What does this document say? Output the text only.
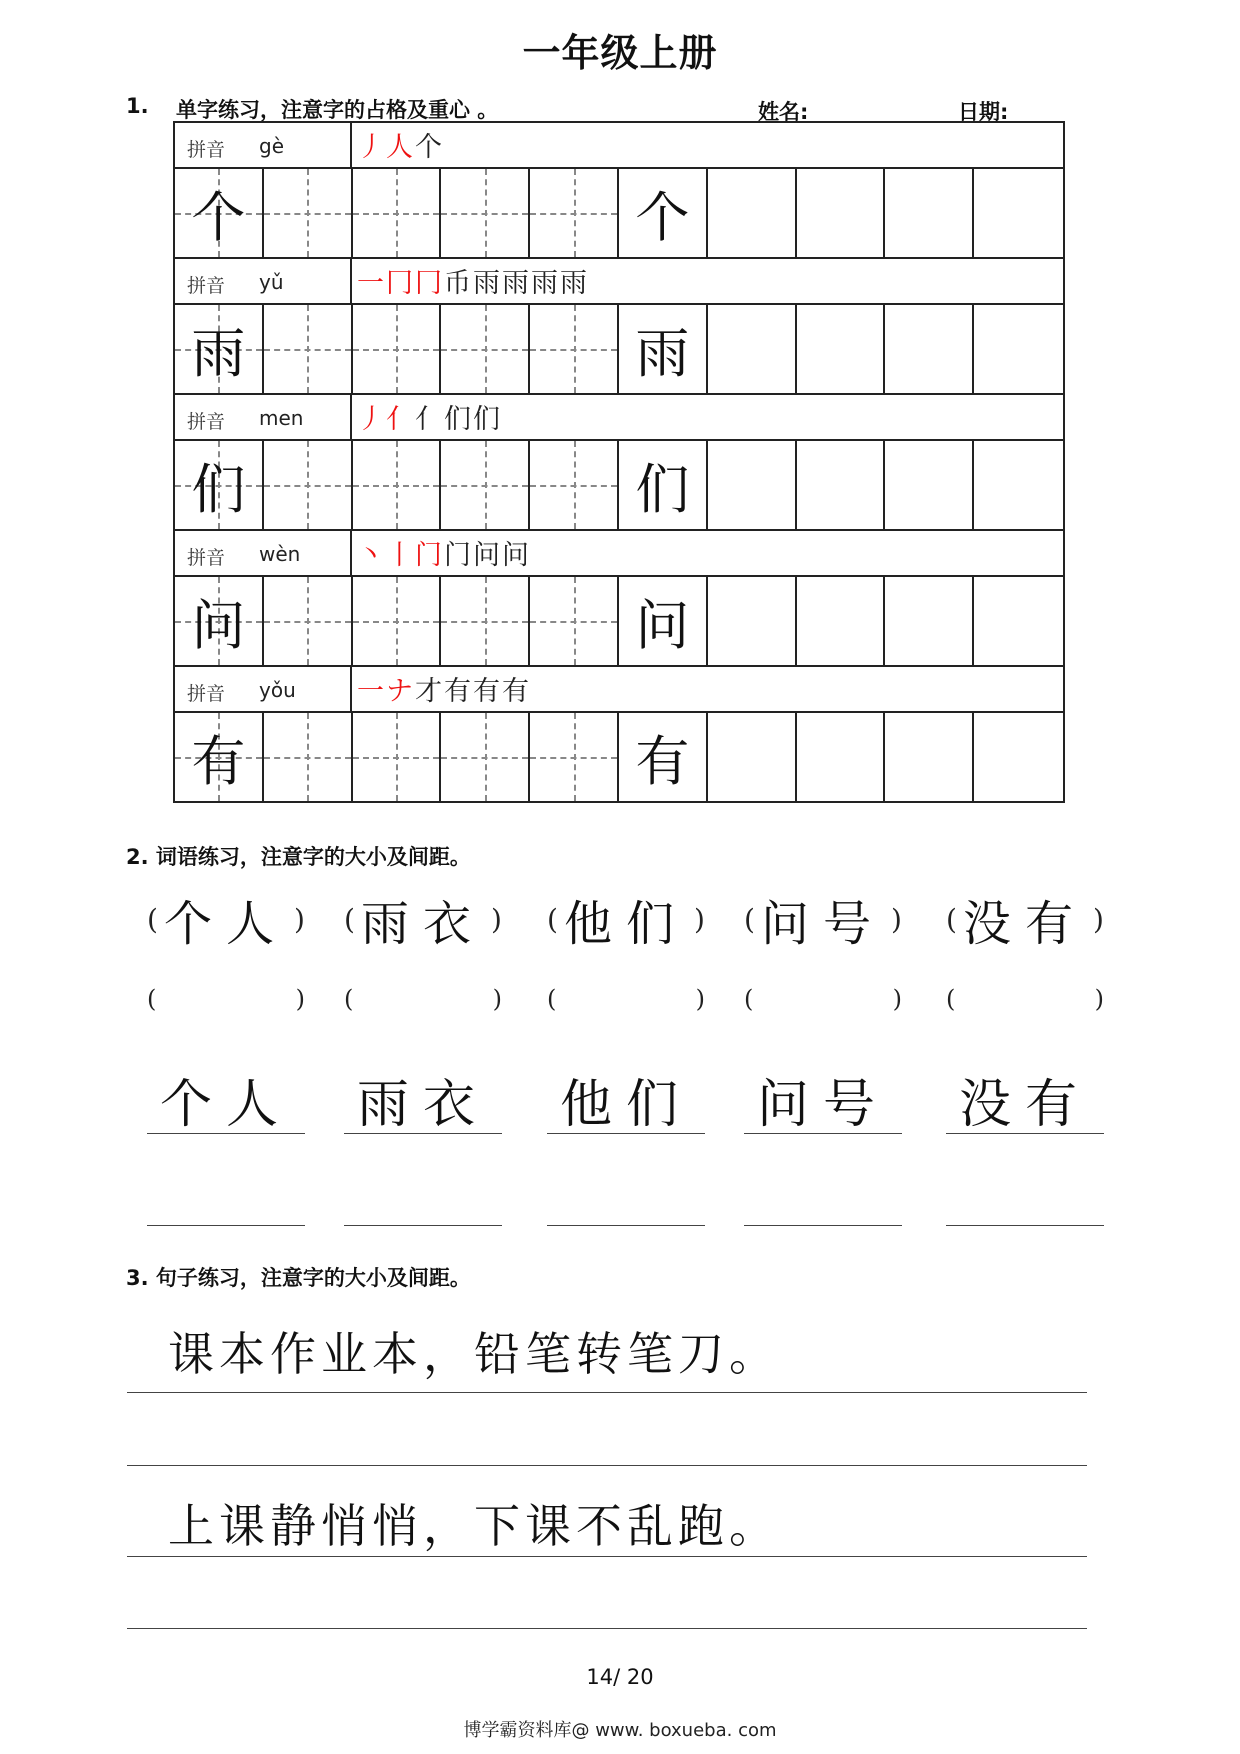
一年级上册
1. 单字练习，注意字的占格及重心 。	姓名:	日期:
拼音 gè	丿 人 个
个	个
拼音 yǔ	一 冂 冂 币 雨 雨 雨 雨
雨	雨
拼音 men 丿 亻 亻 们 们
们	们
拼音 wèn 丶 丨 门 门 问 问
问	问
拼音 yǒu 一 ナ 才 有 有 有
有	有
2. 词语练习，注意字的大小及间距。
( 个人 )
(	)
个人
( 雨衣 )
(	)
雨衣
( 他们 )
(	)
他们
( 问号 )
(	)
问号
( 没有 )
(	)
没有
3. 句子练习，注意字的大小及间距。
课本作业本，铅笔转笔刀。
上课静悄悄，下课不乱跑。
14/ 20
博学霸资料库@ www. boxueba. com
